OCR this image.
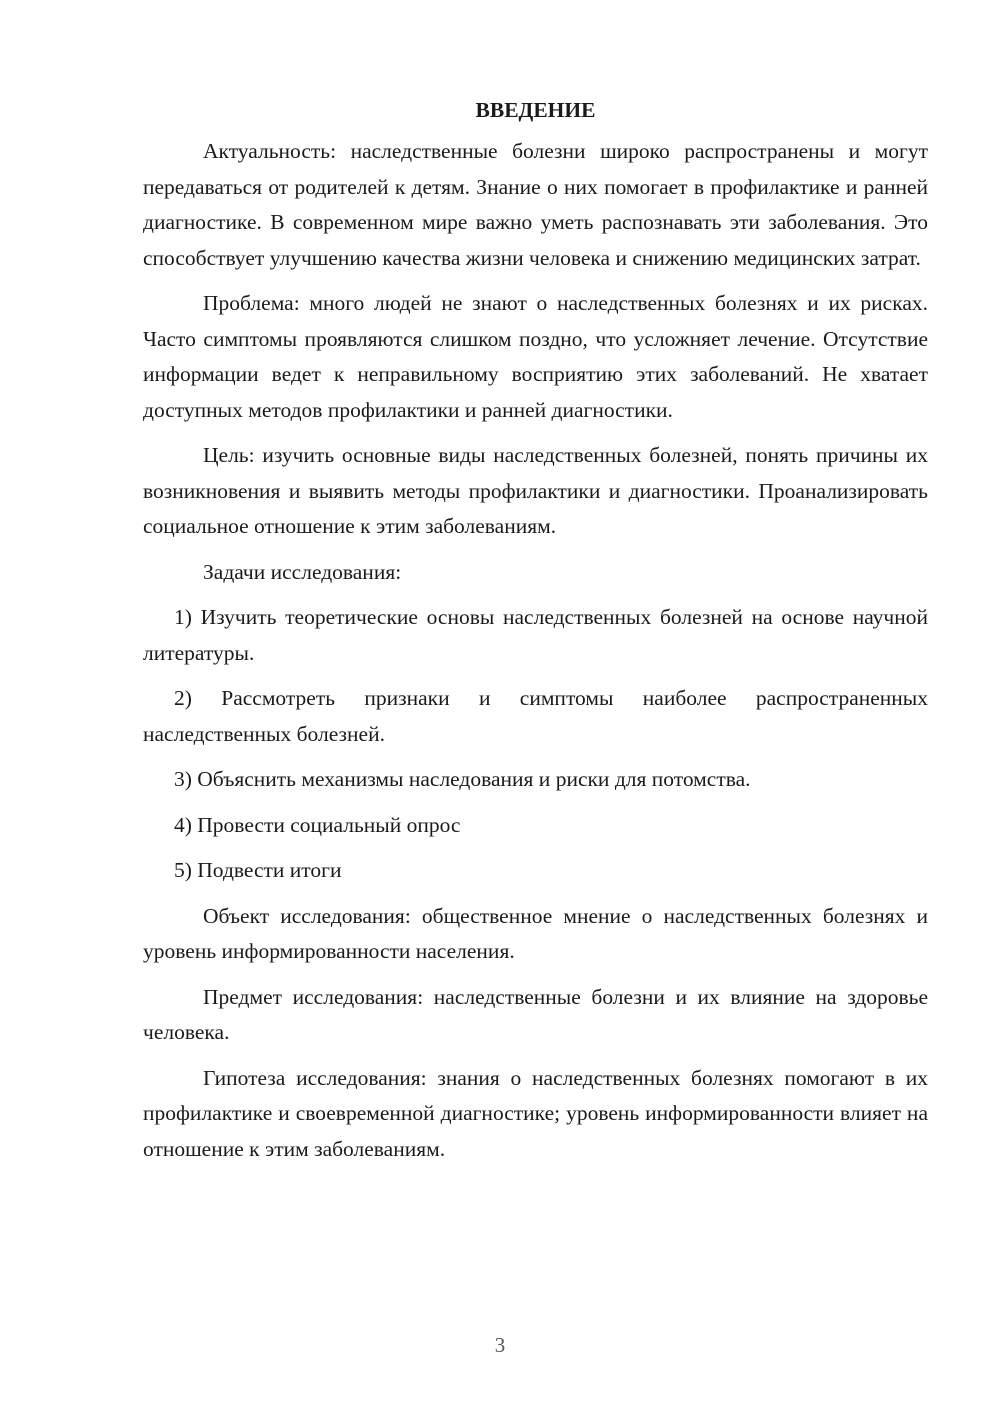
ВВЕДЕНИЕ

Актуальность: наследственные болезни широко распространены и могут передаваться от родителей к детям. Знание о них помогает в профилактике и ранней диагностике. В современном мире важно уметь распознавать эти заболевания. Это способствует улучшению качества жизни человека и снижению медицинских затрат.

Проблема: много людей не знают о наследственных болезнях и их рисках. Часто симптомы проявляются слишком поздно, что усложняет лечение. Отсутствие информации ведет к неправильному восприятию этих заболеваний. Не хватает доступных методов профилактики и ранней диагностики.

Цель: изучить основные виды наследственных болезней, понять причины их возникновения и выявить методы профилактики и диагностики. Проанализировать социальное отношение к этим заболеваниям.

Задачи исследования:

1) Изучить теоретические основы наследственных болезней на основе научной литературы.

2) Рассмотреть признаки и симптомы наиболее распространенных наследственных болезней.

3) Объяснить механизмы наследования и риски для потомства.

4) Провести социальный опрос

5) Подвести итоги

Объект исследования: общественное мнение о наследственных болезнях и уровень информированности населения.

Предмет исследования: наследственные болезни и их влияние на здоровье человека.

Гипотеза исследования: знания о наследственных болезнях помогают в их профилактике и своевременной диагностике; уровень информированности влияет на отношение к этим заболеваниям.

3
